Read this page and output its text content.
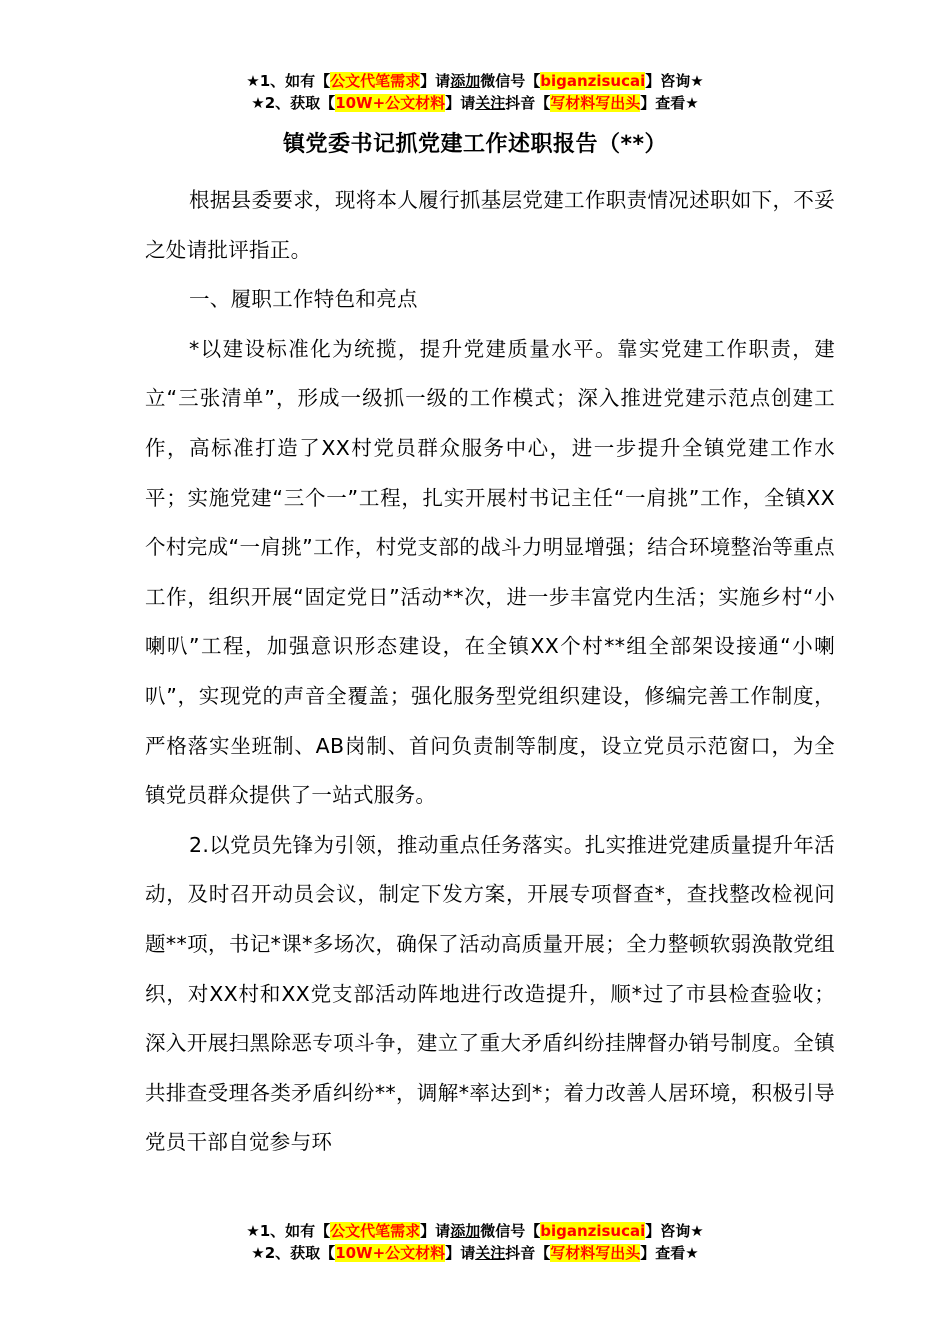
★1、如有【公文代笔需求】请添加微信号【biganzisucai】咨询★
★2、获取【10W+公文材料】请关注抖音【写材料写出头】查看★
镇党委书记抓党建工作述职报告（**）

根据县委要求，现将本人履行抓基层党建工作职责情况述职如下，不妥之处请批评指正。

一、履职工作特色和亮点

*以建设标准化为统揽，提升党建质量水平。靠实党建工作职责，建立“三张清单”，形成一级抓一级的工作模式；深入推进党建示范点创建工作，高标准打造了XX村党员群众服务中心，进一步提升全镇党建工作水平；实施党建“三个一”工程，扎实开展村书记主任“一肩挑”工作，全镇XX个村完成“一肩挑”工作，村党支部的战斗力明显增强；结合环境整治等重点工作，组织开展“固定党日”活动**次，进一步丰富党内生活；实施乡村“小喇叭”工程，加强意识形态建设，在全镇XX个村**组全部架设接通“小喇叭”，实现党的声音全覆盖；强化服务型党组织建设，修编完善工作制度，严格落实坐班制、AB岗制、首问负责制等制度，设立党员示范窗口，为全镇党员群众提供了一站式服务。

2.以党员先锋为引领，推动重点任务落实。扎实推进党建质量提升年活动，及时召开动员会议，制定下发方案，开展专项督查*，查找整改检视问题**项，书记*课*多场次，确保了活动高质量开展；全力整顿软弱涣散党组织，对XX村和XX党支部活动阵地进行改造提升，顺*过了市县检查验收；深入开展扫黑除恶专项斗争，建立了重大矛盾纠纷挂牌督办销号制度。全镇共排查受理各类矛盾纠纷**，调解*率达到*；着力改善人居环境，积极引导党员干部自觉参与环

★1、如有【公文代笔需求】请添加微信号【biganzisucai】咨询★
★2、获取【10W+公文材料】请关注抖音【写材料写出头】查看★
